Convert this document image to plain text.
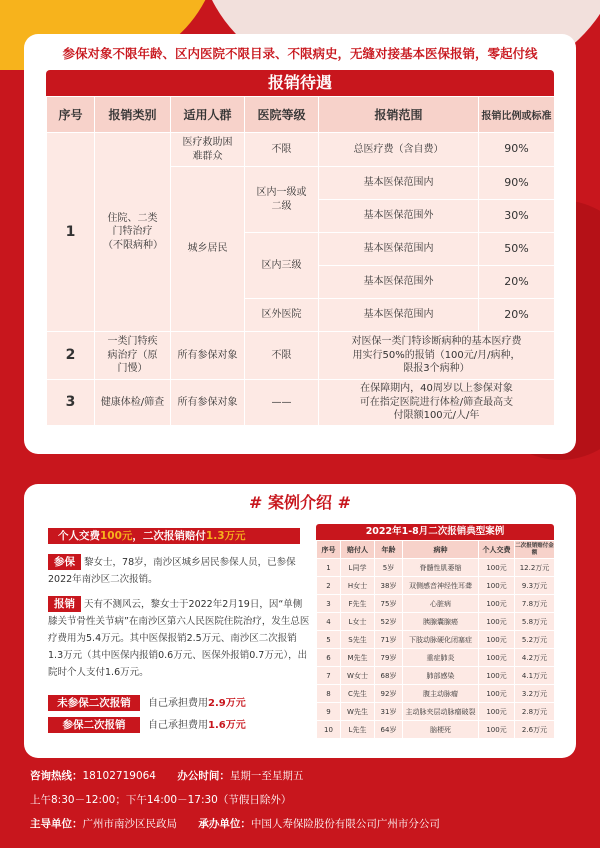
参保对象不限年龄、区内医院不限目录、不限病史，无缝对接基本医保报销，零起付线
报销待遇
序号	报销类别	适用人群	医院等级	报销范围	报销比例或标准
1	住院、二类门特治疗（不限病种）	医疗救助困难群众	不限	总医疗费（含自费）	90%
		城乡居民	区内一级或二级	基本医保范围内	90%
				基本医保范围外	30%
			区内三级	基本医保范围内	50%
				基本医保范围外	20%
			区外医院	基本医保范围内	20%
2	一类门特疾病治疗（原门慢）	所有参保对象	不限	对医保一类门特诊断病种的基本医疗费用实行50%的报销（100元/月/病种，限报3个病种）	
3	健康体检/筛查	所有参保对象	——	在保障期内，40周岁以上参保对象可在指定医院进行体检/筛查最高支付限额100元/人/年	
# 案例介绍 #
个人交费100元，二次报销赔付1.3万元
参保 黎女士，78岁，南沙区城乡居民参保人员，已参保2022年南沙区二次报销。
报销 天有不测风云，黎女士于2022年2月19日，因“单侧膝关节骨性关节病”在南沙区第六人民医院住院治疗，发生总医疗费用为5.4万元。其中医保报销2.5万元、南沙区二次报销1.3万元（其中医保内报销0.6万元、医保外报销0.7万元），出院时个人支付1.6万元。
未参保二次报销 自己承担费用2.9万元
参保二次报销 自己承担费用1.6万元
2022年1-8月二次报销典型案例
序号	赔付人	年龄	病种	个人交费	二次报销赔付金额
1	L同学	5岁	脊髓性肌萎缩	100元	12.2万元
2	H女士	38岁	双侧感音神经性耳聋	100元	9.3万元
3	F先生	75岁	心脏病	100元	7.8万元
4	L女士	52岁	胰腺囊腺癌	100元	5.8万元
5	S先生	71岁	下肢动脉硬化闭塞症	100元	5.2万元
6	M先生	79岁	重症肺炎	100元	4.2万元
7	W女士	68岁	肺部感染	100元	4.1万元
8	C先生	92岁	腹主动脉瘤	100元	3.2万元
9	W先生	31岁	主动脉夹层动脉瘤破裂	100元	2.8万元
10	L先生	64岁	脑梗死	100元	2.6万元
咨询热线：18102719064 办公时间：星期一至星期五
上午8:30－12:00；下午14:00－17:30（节假日除外）
主导单位：广州市南沙区民政局 承办单位：中国人寿保险股份有限公司广州市分公司
